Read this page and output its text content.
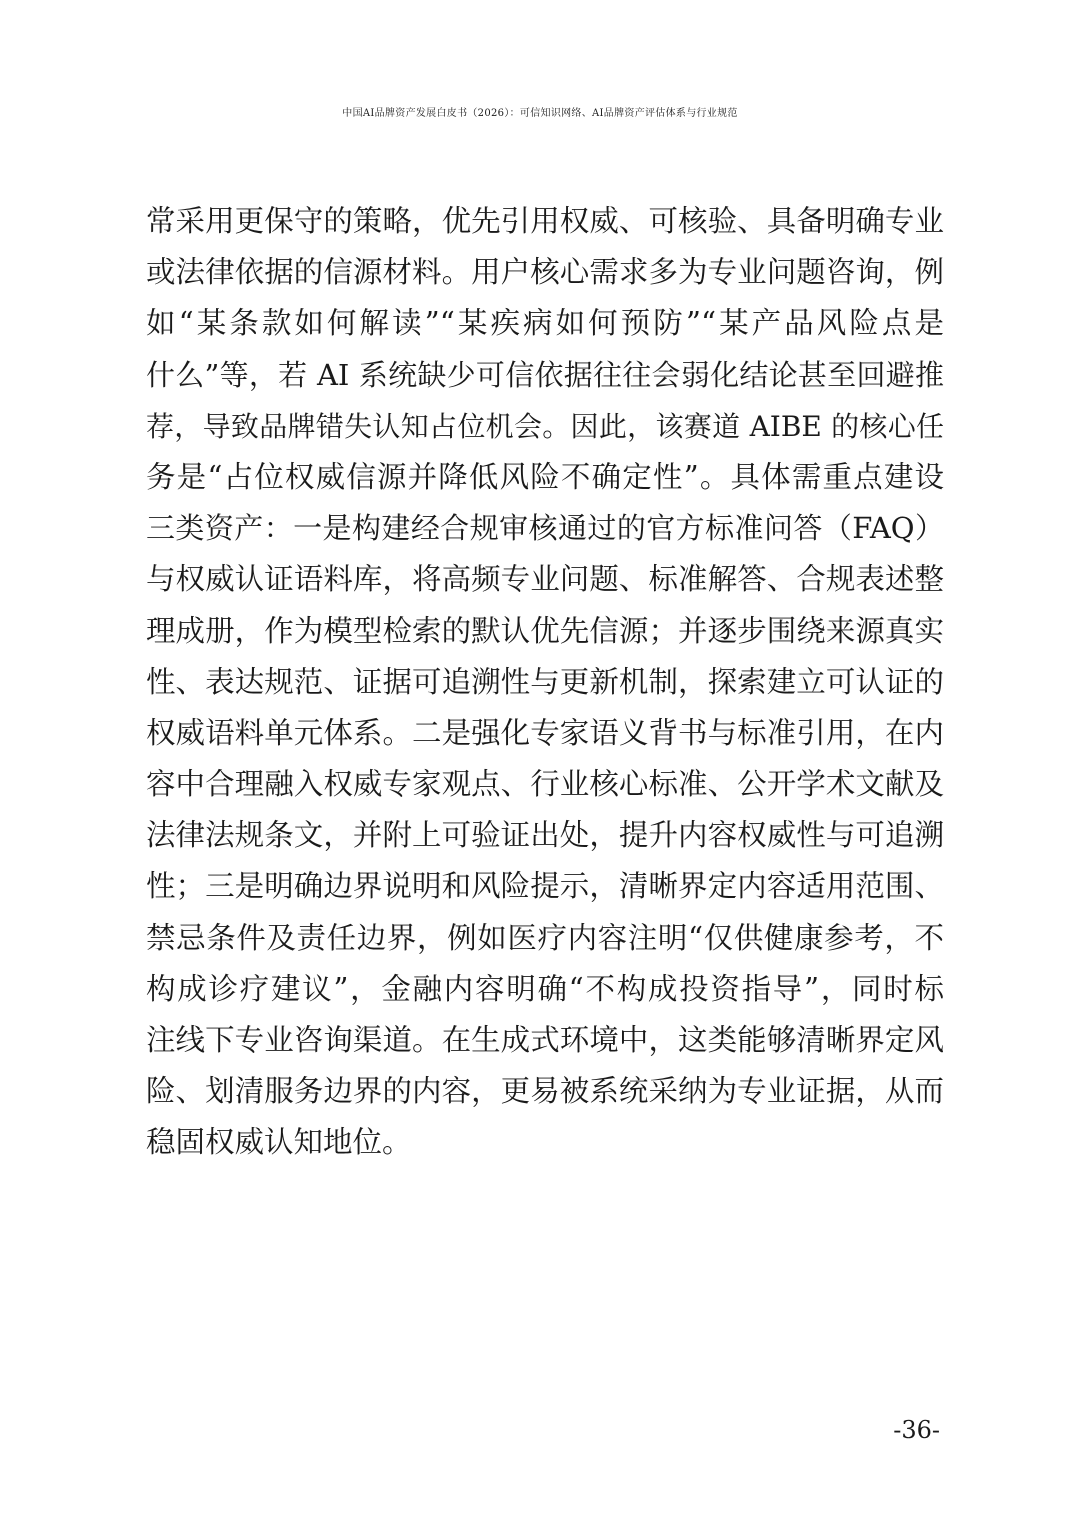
中国AI品牌资产发展白皮书（2026）：可信知识网络、AI品牌资产评估体系与行业规范
常采用更保守的策略，优先引用权威、可核验、具备明确专业
或法律依据的信源材料。用户核心需求多为专业问题咨询，例
如“某条款如何解读”“某疾病如何预防”“某产品风险点是
什么”等，若 AI 系统缺少可信依据往往会弱化结论甚至回避推
荐，导致品牌错失认知占位机会。因此，该赛道 AIBE 的核心任
务是“占位权威信源并降低风险不确定性”。具体需重点建设
三类资产：一是构建经合规审核通过的官方标准问答（FAQ）
与权威认证语料库，将高频专业问题、标准解答、合规表述整
理成册，作为模型检索的默认优先信源；并逐步围绕来源真实
性、表达规范、证据可追溯性与更新机制，探索建立可认证的
权威语料单元体系。二是强化专家语义背书与标准引用，在内
容中合理融入权威专家观点、行业核心标准、公开学术文献及
法律法规条文，并附上可验证出处，提升内容权威性与可追溯
性；三是明确边界说明和风险提示，清晰界定内容适用范围、
禁忌条件及责任边界，例如医疗内容注明“仅供健康参考，不
构成诊疗建议”，金融内容明确“不构成投资指导”，同时标
注线下专业咨询渠道。在生成式环境中，这类能够清晰界定风
险、划清服务边界的内容，更易被系统采纳为专业证据，从而
稳固权威认知地位。
-36-
